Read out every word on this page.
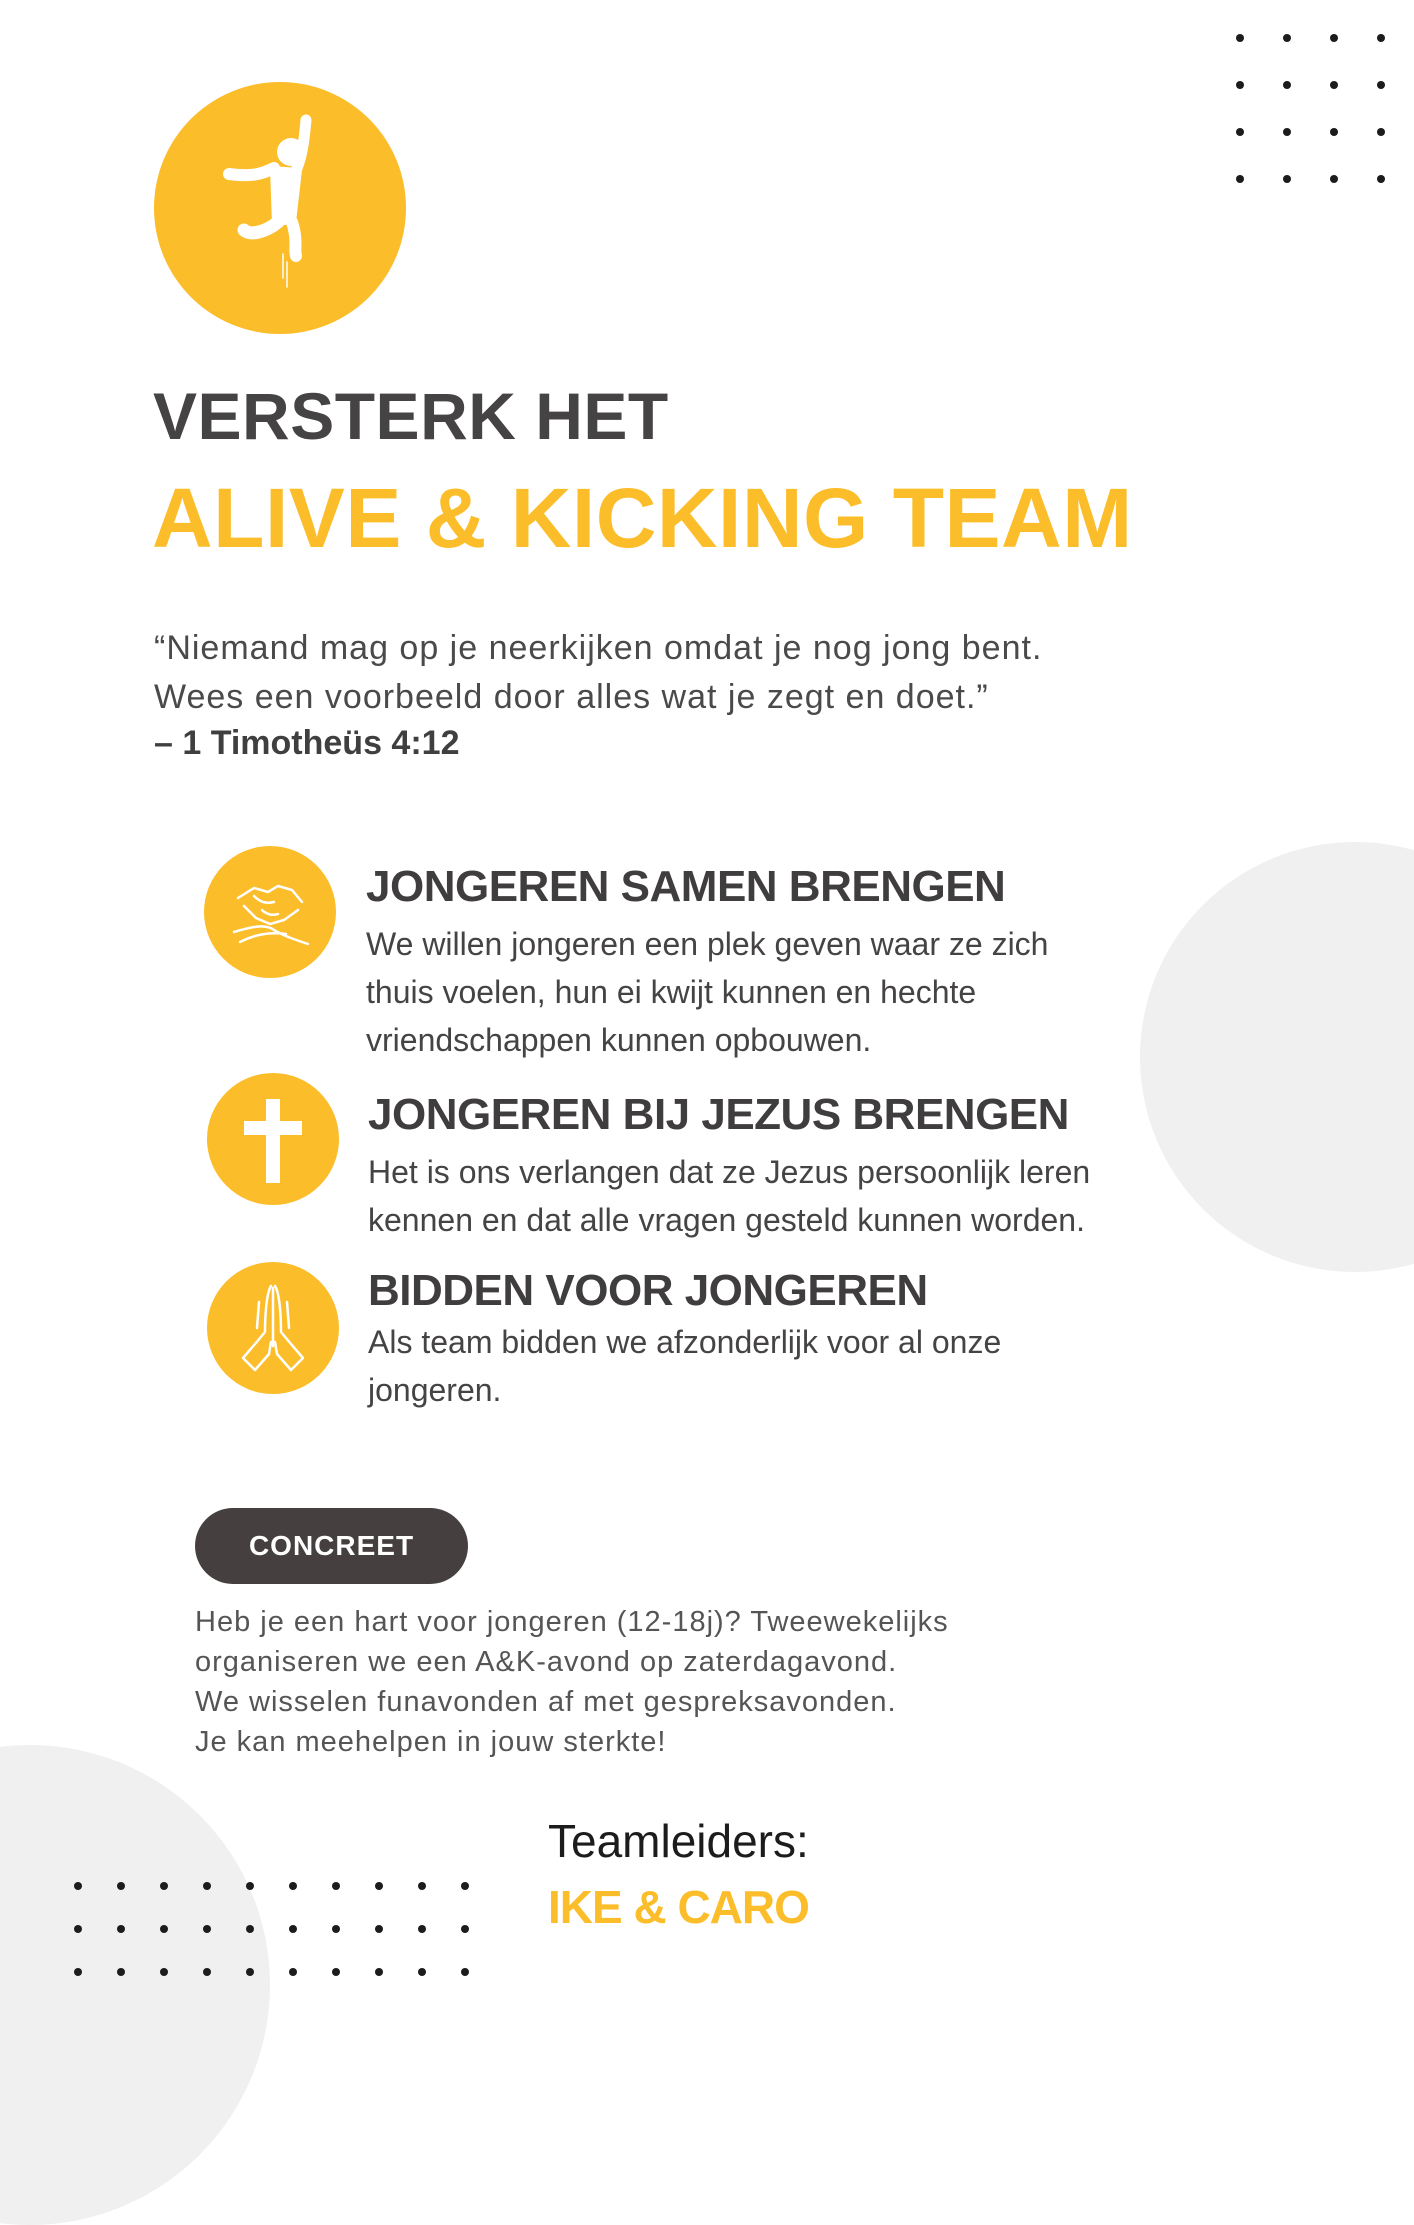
VERSTERK HET
ALIVE & KICKING TEAM
“Niemand mag op je neerkijken omdat je nog jong bent.
Wees een voorbeeld door alles wat je zegt en doet.”
– 1 Timotheüs 4:12
JONGEREN SAMEN BRENGEN
We willen jongeren een plek geven waar ze zich
thuis voelen, hun ei kwijt kunnen en hechte
vriendschappen kunnen opbouwen.
JONGEREN BIJ JEZUS BRENGEN
Het is ons verlangen dat ze Jezus persoonlijk leren
kennen en dat alle vragen gesteld kunnen worden.
BIDDEN VOOR JONGEREN
Als team bidden we afzonderlijk voor al onze
jongeren.
CONCREET
Heb je een hart voor jongeren (12-18j)? Tweewekelijks
organiseren we een A&K-avond op zaterdagavond.
We wisselen funavonden af met gespreksavonden.
Je kan meehelpen in jouw sterkte!
Teamleiders:
IKE & CARO
